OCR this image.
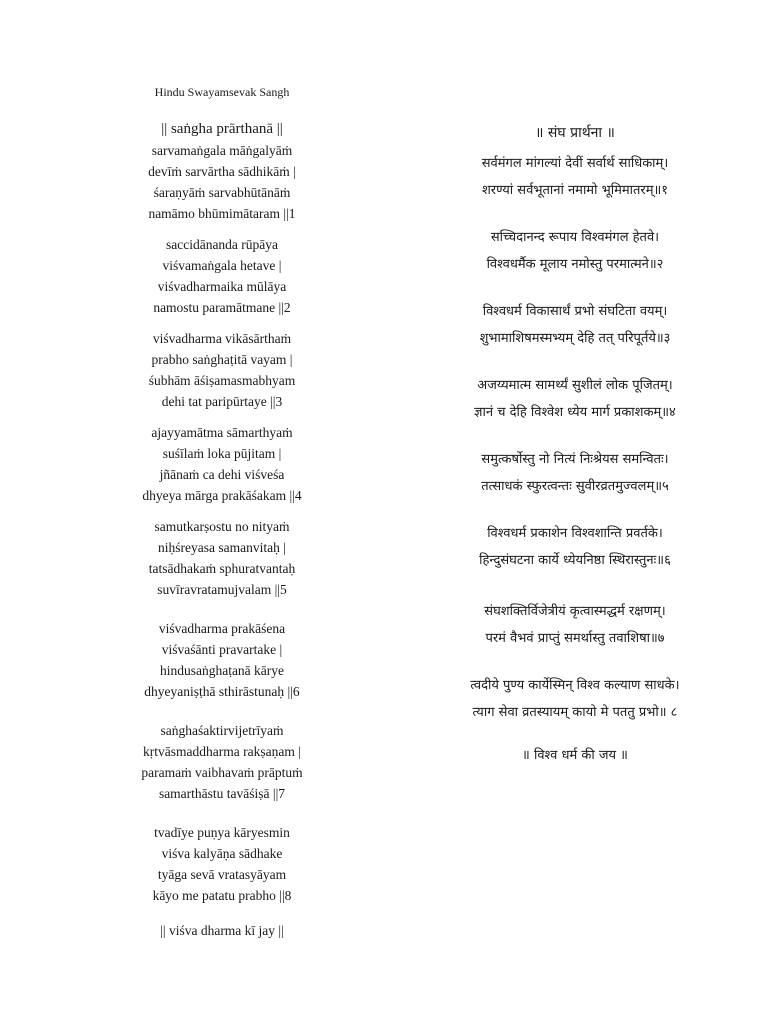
Hindu Swayamsevak Sangh
|| saṅgha prārthanā ||
sarvamaṅgala māṅgalyāṁ
devīṁ sarvārtha sādhikāṁ |
śaraṇyāṁ sarvabhūtānāṁ
namāmo bhūmimātaram ||1
saccidānanda rūpāya
viśvamaṅgala hetave |
viśvadharmaika mūlāya
namostu paramātmane ||2
viśvadharma vikāsārthaṁ
prabho saṅghaṭitā vayam |
śubhām āśiṣamasmabhyam
dehi tat paripūrtaye ||3
ajayyamātma sāmarthyaṁ
suśīlaṁ loka pūjitam |
jñānaṁ ca dehi viśveśa
dhyeya mārga prakāśakam ||4
samutkarṣostu no nityaṁ
niḥśreyasa samanvitaḥ |
tatsādhakaṁ sphuratvantaḥ
suvīravratamujvalam ||5
viśvadharma prakāśena
viśvaśānti pravartake |
hindusaṅghaṭanā kārye
dhyeyaniṣṭhā sthirāstunaḥ ||6
saṅghaśaktirvijetrīyaṁ
kṛtvāsmaddharma rakṣaṇam |
paramaṁ vaibhavaṁ prāptuṁ
samarthāstu tavāśiṣā ||7
tvadīye puṇya kāryesmin
viśva kalyāṇa sādhake
tyāga sevā vratasyāyam
kāyo me patatu prabho ||8
|| viśva dharma kī jay ||
॥ संघ प्रार्थना ॥
सर्वमंगल मांगल्यां देवीं सर्वार्थ साधिकाम्।
शरण्यां सर्वभूतानां नमामो भूमिमातरम्॥१
सच्चिदानन्द रूपाय विश्वमंगल हेतवे।
विश्वधर्मैक मूलाय नमोस्तु परमात्मने॥२
विश्वधर्म विकासार्थं प्रभो संघटिता वयम्।
शुभामाशिषमस्मभ्यम् देहि तत् परिपूर्तये॥३
अजय्यमात्म सामर्थ्यं सुशीलं लोक पूजितम्।
ज्ञानं च देहि विश्वेश ध्येय मार्ग प्रकाशकम्॥४
समुत्कर्षोस्तु नो नित्यं निःश्रेयस समन्वितः।
तत्साधकं स्फुरत्वन्तः सुवीरव्रतमुज्वलम्॥५
विश्वधर्म प्रकाशेन विश्वशान्ति प्रवर्तके।
हिन्दुसंघटना कार्ये ध्येयनिष्ठा स्थिरास्तुनः॥६
संघशक्तिर्विजेत्रीयं कृत्वास्मद्धर्म रक्षणम्।
परमं वैभवं प्राप्तुं समर्थास्तु तवाशिषा॥७
त्वदीये पुण्य कार्येस्मिन् विश्व कल्याण साधके।
त्याग सेवा व्रतस्यायम् कायो मे पततु प्रभो॥ ८
॥ विश्व धर्म की जय ॥
